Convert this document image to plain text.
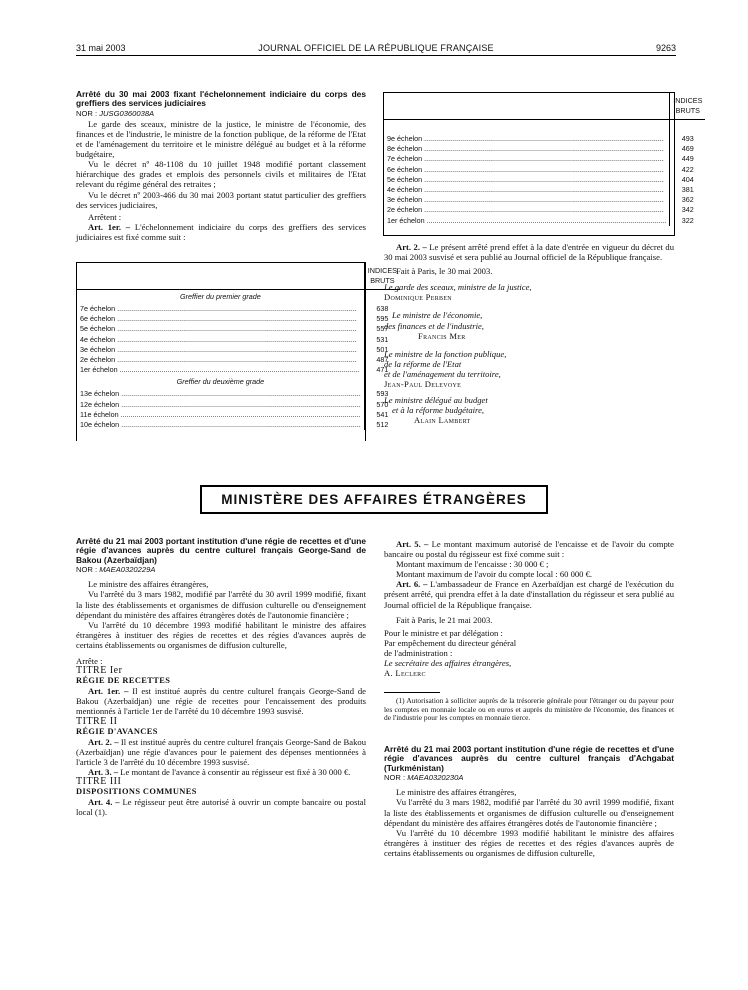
31 mai 2003	JOURNAL OFFICIEL DE LA RÉPUBLIQUE FRANÇAISE	9263

Arrêté du 30 mai 2003 fixant l'échelonnement indiciaire du corps des greffiers des services judiciaires

NOR : JUSG0360038A

Le garde des sceaux, ministre de la justice, le ministre de l'économie, des finances et de l'industrie, le ministre de la fonction publique, de la réforme de l'Etat et de l'aménagement du territoire et le ministre délégué au budget et à la réforme budgétaire,

Vu le décret nº 48-1108 du 10 juillet 1948 modifié portant classement hiérarchique des grades et emplois des personnels civils et militaires de l'Etat relevant du régime général des retraites ;

Vu le décret nº 2003-466 du 30 mai 2003 portant statut particulier des greffiers des services judiciaires,

Arrêtent :

Art. 1er. – L'échelonnement indiciaire du corps des greffiers des services judiciaires est fixé comme suit :

	INDICES BRUTS
Greffier du premier grade	
7e échelon ........................................................................................................................	638
6e échelon ........................................................................................................................	595
5e échelon ........................................................................................................................	557
4e échelon ........................................................................................................................	531
3e échelon ........................................................................................................................	501
2e échelon ........................................................................................................................	487
1er échelon ........................................................................................................................	471
Greffier du deuxième grade	
13e échelon ........................................................................................................................	593
12e échelon ........................................................................................................................	570
11e échelon ........................................................................................................................	541
10e échelon ........................................................................................................................	512
	INDICES BRUTS

9e échelon ........................................................................................................................	493
8e échelon ........................................................................................................................	469
7e échelon ........................................................................................................................	449
6e échelon ........................................................................................................................	422
5e échelon ........................................................................................................................	404
4e échelon ........................................................................................................................	381
3e échelon ........................................................................................................................	362
2e échelon ........................................................................................................................	342
1er échelon ........................................................................................................................	322

Art. 2. – Le présent arrêté prend effet à la date d'entrée en vigueur du décret du 30 mai 2003 susvisé et sera publié au Journal officiel de la République française.

Fait à Paris, le 30 mai 2003.

Le garde des sceaux, ministre de la justice,

Dominique Perben

Le ministre de l'économie,

des finances et de l'industrie,

Francis Mer

Le ministre de la fonction publique,

de la réforme de l'Etat

et de l'aménagement du territoire,

Jean-Paul Delevoye

Le ministre délégué au budget

et à la réforme budgétaire,

Alain Lambert

MINISTÈRE DES AFFAIRES ÉTRANGÈRES

Arrêté du 21 mai 2003 portant institution d'une régie de recettes et d'une régie d'avances auprès du centre culturel français George-Sand de Bakou (Azerbaïdjan)

NOR : MAEA0320229A

Le ministre des affaires étrangères,

Vu l'arrêté du 3 mars 1982, modifié par l'arrêté du 30 avril 1999 modifié, fixant la liste des établissements et organismes de diffusion culturelle ou d'enseignement dépendant du ministère des affaires étrangères dotés de l'autonomie financière ;

Vu l'arrêté du 10 décembre 1993 modifié habilitant le ministre des affaires étrangères à instituer des régies de recettes et des régies d'avances auprès de certains établissements ou organismes de diffusion culturelle,

Arrête :

TITRE Ier

RÉGIE DE RECETTES

Art. 1er. – Il est institué auprès du centre culturel français George-Sand de Bakou (Azerbaïdjan) une régie de recettes pour l'encaissement des produits mentionnés à l'article 1er de l'arrêté du 10 décembre 1993 susvisé.

TITRE II

RÉGIE D'AVANCES

Art. 2. – Il est institué auprès du centre culturel français George-Sand de Bakou (Azerbaïdjan) une régie d'avances pour le paiement des dépenses mentionnées à l'article 3 de l'arrêté du 10 décembre 1993 susvisé.

Art. 3. – Le montant de l'avance à consentir au régisseur est fixé à 30 000 €.

TITRE III

DISPOSITIONS COMMUNES

Art. 4. – Le régisseur peut être autorisé à ouvrir un compte bancaire ou postal local (1).

Art. 5. – Le montant maximum autorisé de l'encaisse et de l'avoir du compte bancaire ou postal du régisseur est fixé comme suit :

Montant maximum de l'encaisse : 30 000 € ;

Montant maximum de l'avoir du compte local : 60 000 €.

Art. 6. – L'ambassadeur de France en Azerbaïdjan est chargé de l'exécution du présent arrêté, qui prendra effet à la date d'installation du régisseur et sera publié au Journal officiel de la République française.

Fait à Paris, le 21 mai 2003.

Pour le ministre et par délégation :

Par empêchement du directeur général

de l'administration :

Le secrétaire des affaires étrangères,

A. Leclerc

(1) Autorisation à solliciter auprès de la trésorerie générale pour l'étranger ou du payeur pour les comptes en monnaie locale ou en euros et auprès du ministère de l'économie, des finances et de l'industrie pour les comptes en monnaie tierce.

Arrêté du 21 mai 2003 portant institution d'une régie de recettes et d'une régie d'avances auprès du centre culturel français d'Achgabat (Turkménistan)

NOR : MAEA0320230A

Le ministre des affaires étrangères,

Vu l'arrêté du 3 mars 1982, modifié par l'arrêté du 30 avril 1999 modifié, fixant la liste des établissements et organismes de diffusion culturelle ou d'enseignement dépendant du ministère des affaires étrangères dotés de l'autonomie financière ;

Vu l'arrêté du 10 décembre 1993 modifié habilitant le ministre des affaires étrangères à instituer des régies de recettes et des régies d'avances auprès de certains établissements ou organismes de diffusion culturelle,
